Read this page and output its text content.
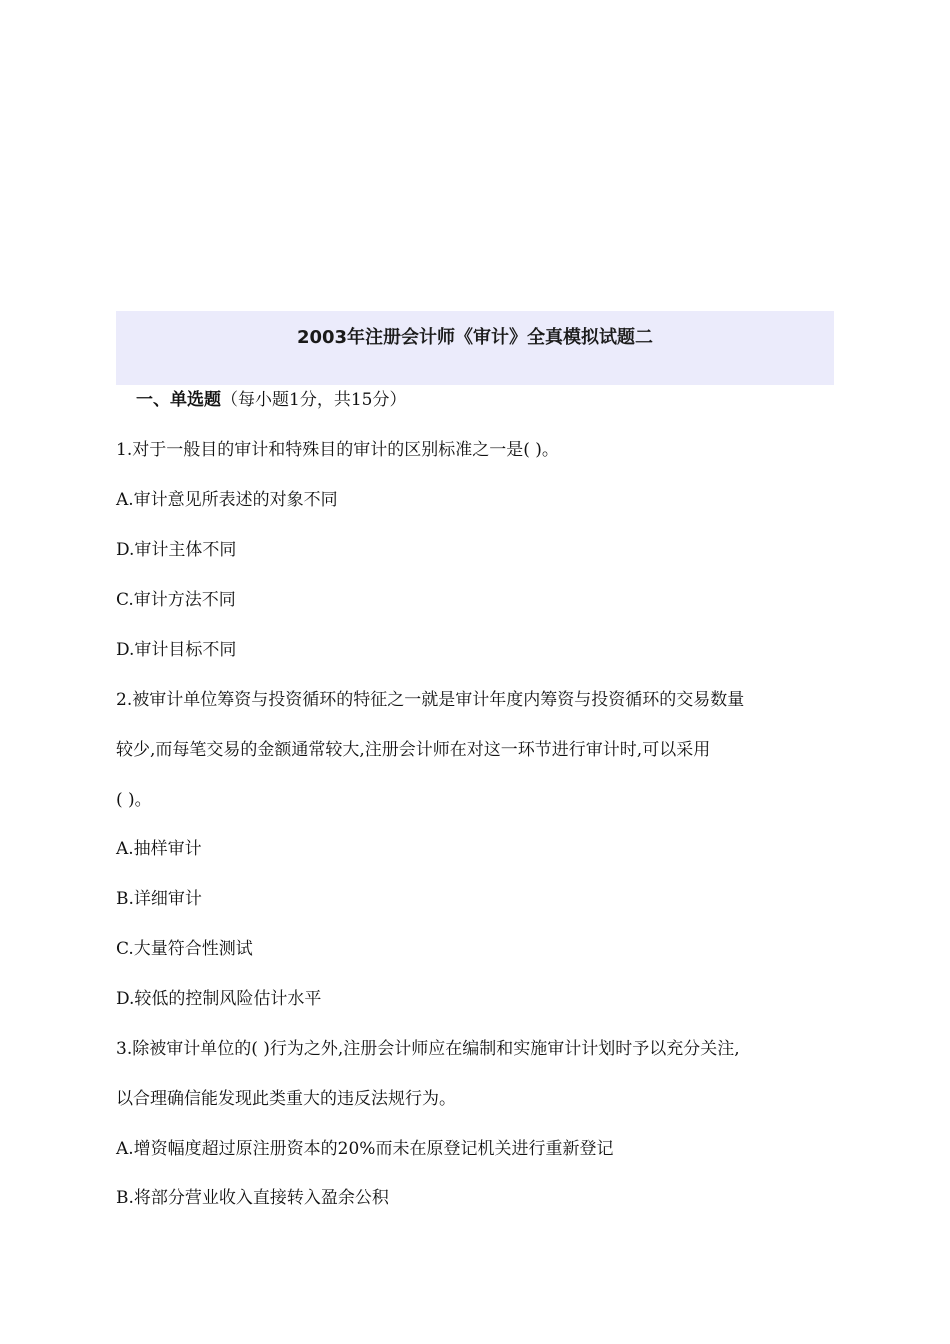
2003年注册会计师《审计》全真模拟试题二
一、单选题（每小题1分，共15分）
1.对于一般目的审计和特殊目的审计的区别标准之一是( )。
A.审计意见所表述的对象不同
D.审计主体不同
C.审计方法不同
D.审计目标不同
2.被审计单位筹资与投资循环的特征之一就是审计年度内筹资与投资循环的交易数量
较少,而每笔交易的金额通常较大,注册会计师在对这一环节进行审计时,可以采用
( )。
A.抽样审计
B.详细审计
C.大量符合性测试
D.较低的控制风险估计水平
3.除被审计单位的( )行为之外,注册会计师应在编制和实施审计计划时予以充分关注,
以合理确信能发现此类重大的违反法规行为。
A.增资幅度超过原注册资本的20%而未在原登记机关进行重新登记
B.将部分营业收入直接转入盈余公积
